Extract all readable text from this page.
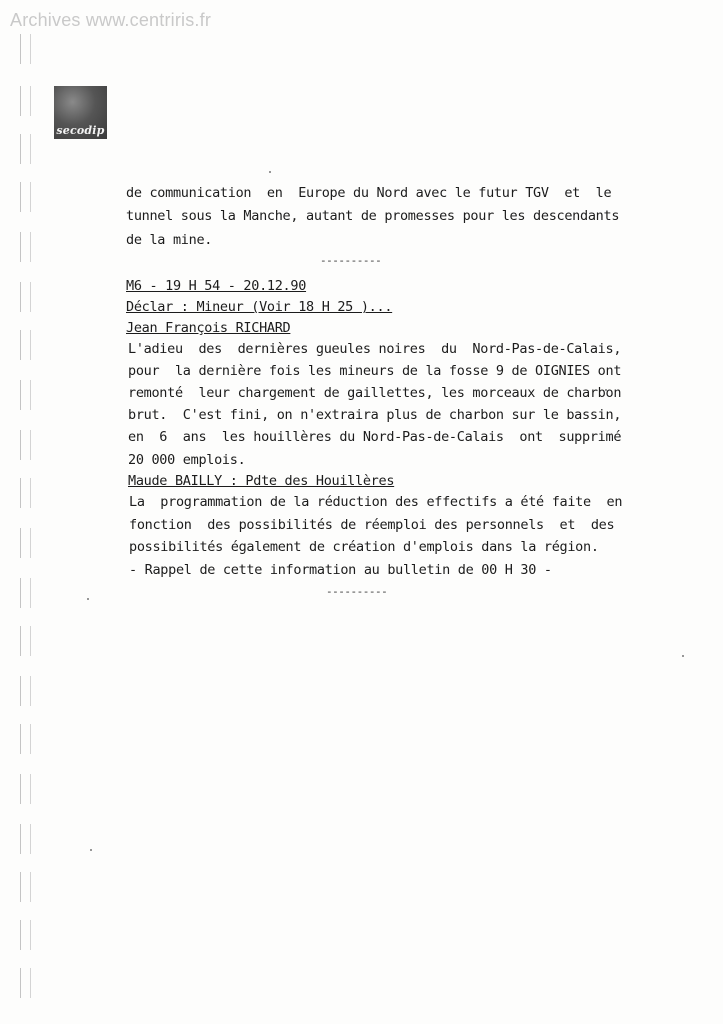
Archives www.centriris.fr
secodip
de communication  en  Europe du Nord avec le futur TGV  et  le
tunnel sous la Manche, autant de promesses pour les descendants
de la mine.
----------
M6 - 19 H 54 - 20.12.90
Déclar : Mineur (Voir 18 H 25 )...
Jean François RICHARD
L'adieu  des  dernières gueules noires  du  Nord-Pas-de-Calais,
pour  la dernière fois les mineurs de la fosse 9 de OIGNIES ont
remonté  leur chargement de gaillettes, les morceaux de charbon
brut.  C'est fini, on n'extraira plus de charbon sur le bassin,
en  6  ans  les houillères du Nord-Pas-de-Calais  ont  supprimé
20 000 emplois.
Maude BAILLY : Pdte des Houillères
La  programmation de la réduction des effectifs a été faite  en
fonction  des possibilités de réemploi des personnels  et  des
possibilités également de création d'emplois dans la région.
- Rappel de cette information au bulletin de 00 H 30 -
----------
